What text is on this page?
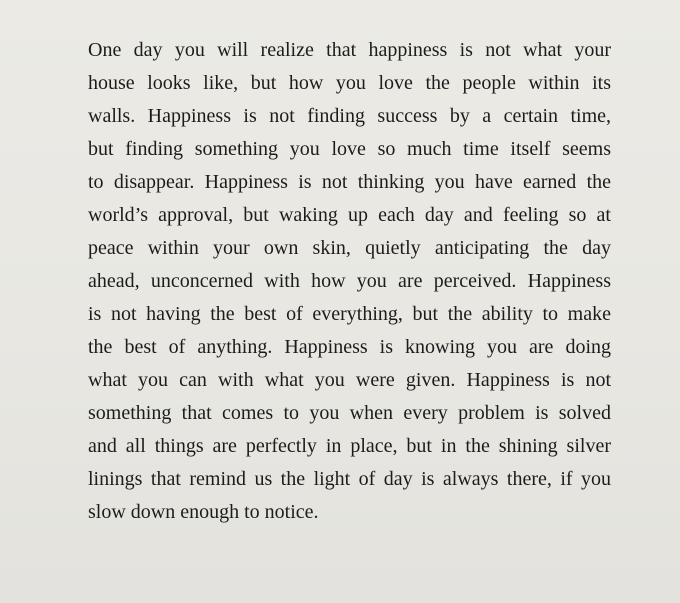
One day you will realize that happiness is not what your
house looks like, but how you love the people within its
walls. Happiness is not finding success by a certain time,
but finding something you love so much time itself seems
to disappear. Happiness is not thinking you have earned the
world’s approval, but waking up each day and feeling so at
peace within your own skin, quietly anticipating the day
ahead, unconcerned with how you are perceived. Happiness
is not having the best of everything, but the ability to make
the best of anything. Happiness is knowing you are doing
what you can with what you were given. Happiness is not
something that comes to you when every problem is solved
and all things are perfectly in place, but in the shining silver
linings that remind us the light of day is always there, if you
slow down enough to notice.
